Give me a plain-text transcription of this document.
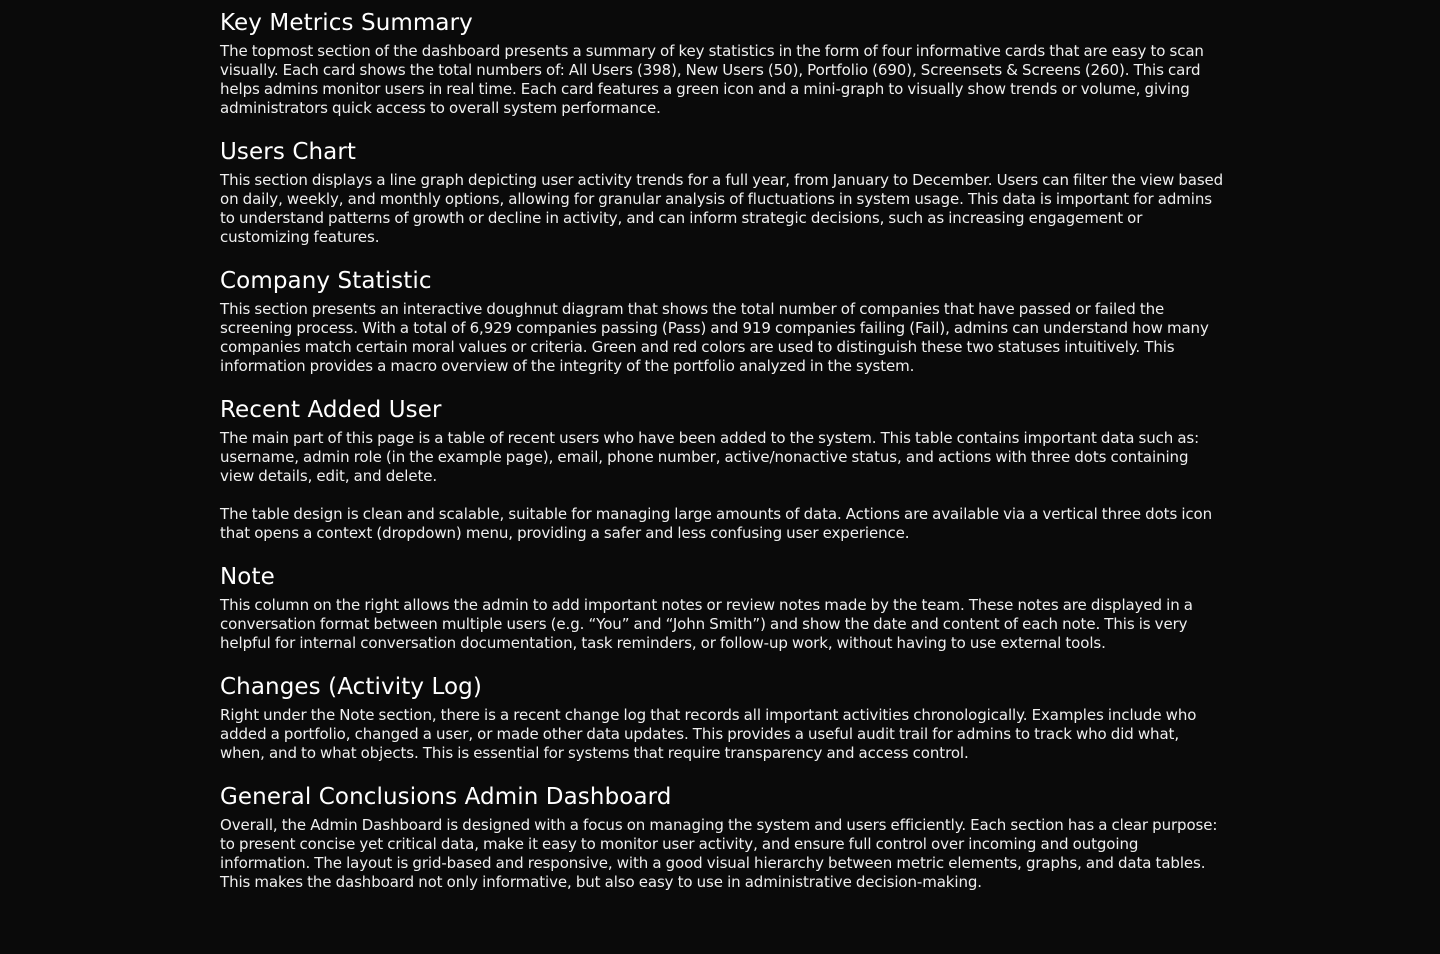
Key Metrics Summary

The topmost section of the dashboard presents a summary of key statistics in the form of four informative cards that are easy to scan visually. Each card shows the total numbers of: All Users (398), New Users (50), Portfolio (690), Screensets & Screens (260). This card helps admins monitor users in real time. Each card features a green icon and a mini-graph to visually show trends or volume, giving administrators quick access to overall system performance.

Users Chart

This section displays a line graph depicting user activity trends for a full year, from January to December. Users can filter the view based on daily, weekly, and monthly options, allowing for granular analysis of fluctuations in system usage. This data is important for admins to understand patterns of growth or decline in activity, and can inform strategic decisions, such as increasing engagement or customizing features.

Company Statistic

This section presents an interactive doughnut diagram that shows the total number of companies that have passed or failed the screening process. With a total of 6,929 companies passing (Pass) and 919 companies failing (Fail), admins can understand how many companies match certain moral values or criteria. Green and red colors are used to distinguish these two statuses intuitively. This information provides a macro overview of the integrity of the portfolio analyzed in the system.

Recent Added User

The main part of this page is a table of recent users who have been added to the system. This table contains important data such as: username, admin role (in the example page), email, phone number, active/nonactive status, and actions with three dots containing view details, edit, and delete.

The table design is clean and scalable, suitable for managing large amounts of data. Actions are available via a vertical three dots icon that opens a context (dropdown) menu, providing a safer and less confusing user experience.

Note

This column on the right allows the admin to add important notes or review notes made by the team. These notes are displayed in a conversation format between multiple users (e.g. “You” and “John Smith”) and show the date and content of each note. This is very helpful for internal conversation documentation, task reminders, or follow-up work, without having to use external tools.

Changes (Activity Log)

Right under the Note section, there is a recent change log that records all important activities chronologically. Examples include who added a portfolio, changed a user, or made other data updates. This provides a useful audit trail for admins to track who did what, when, and to what objects. This is essential for systems that require transparency and access control.

General Conclusions Admin Dashboard

Overall, the Admin Dashboard is designed with a focus on managing the system and users efficiently. Each section has a clear purpose: to present concise yet critical data, make it easy to monitor user activity, and ensure full control over incoming and outgoing information. The layout is grid-based and responsive, with a good visual hierarchy between metric elements, graphs, and data tables. This makes the dashboard not only informative, but also easy to use in administrative decision-making.
